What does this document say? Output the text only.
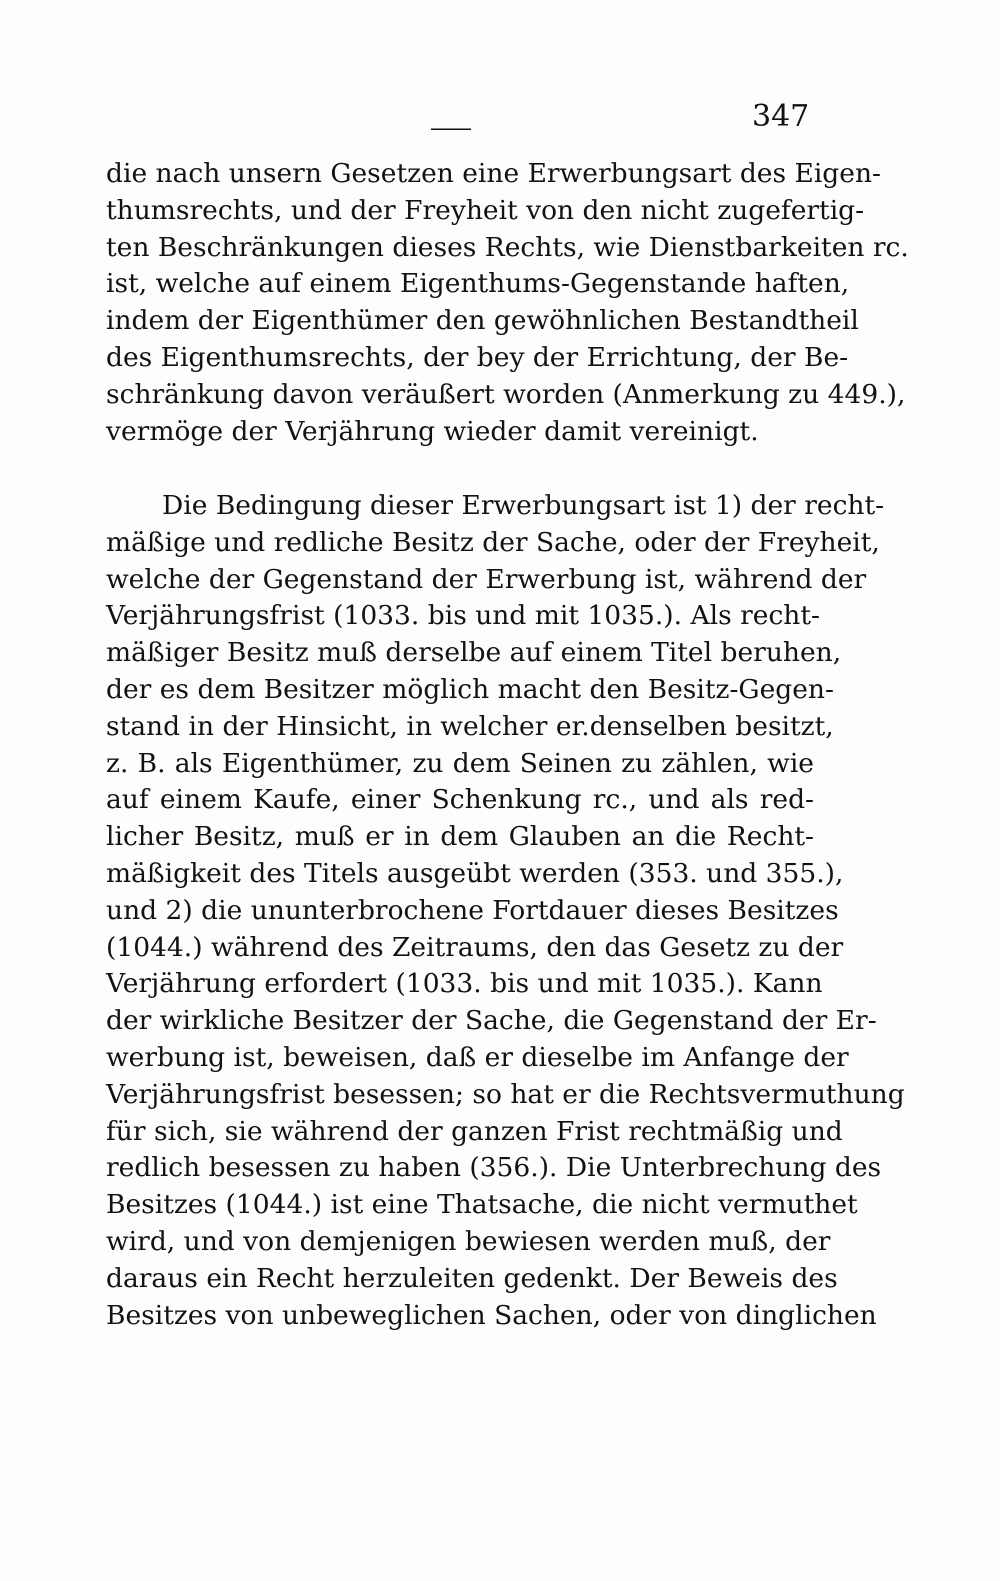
——	347

die nach unsern Gesetzen eine Erwerbungsart des Eigen-
thumsrechts, und der Freyheit von den nicht zugefertig-
ten Beschränkungen dieses Rechts, wie Dienstbarkeiten rc.
ist, welche auf einem Eigenthums-Gegenstande haften,
indem der Eigenthümer den gewöhnlichen Bestandtheil
des Eigenthumsrechts, der bey der Errichtung, der Be-
schränkung davon veräußert worden (Anmerkung zu 449.),
vermöge der Verjährung wieder damit vereinigt.

Die Bedingung dieser Erwerbungsart ist 1) der recht-
mäßige und redliche Besitz der Sache, oder der Freyheit,
welche der Gegenstand der Erwerbung ist, während der
Verjährungsfrist (1033. bis und mit 1035.). Als recht-
mäßiger Besitz muß derselbe auf einem Titel beruhen,
der es dem Besitzer möglich macht den Besitz-Gegen-
stand in der Hinsicht, in welcher er.denselben besitzt,
z. B. als Eigenthümer, zu dem Seinen zu zählen, wie
auf einem Kaufe, einer Schenkung rc., und als red-
licher Besitz, muß er in dem Glauben an die Recht-
mäßigkeit des Titels ausgeübt werden (353. und 355.),
und 2) die ununterbrochene Fortdauer dieses Besitzes
(1044.) während des Zeitraums, den das Gesetz zu der
Verjährung erfordert (1033. bis und mit 1035.). Kann
der wirkliche Besitzer der Sache, die Gegenstand der Er-
werbung ist, beweisen, daß er dieselbe im Anfange der
Verjährungsfrist besessen; so hat er die Rechtsvermuthung
für sich, sie während der ganzen Frist rechtmäßig und
redlich besessen zu haben (356.). Die Unterbrechung des
Besitzes (1044.) ist eine Thatsache, die nicht vermuthet
wird, und von demjenigen bewiesen werden muß, der
daraus ein Recht herzuleiten gedenkt. Der Beweis des
Besitzes von unbeweglichen Sachen, oder von dinglichen
